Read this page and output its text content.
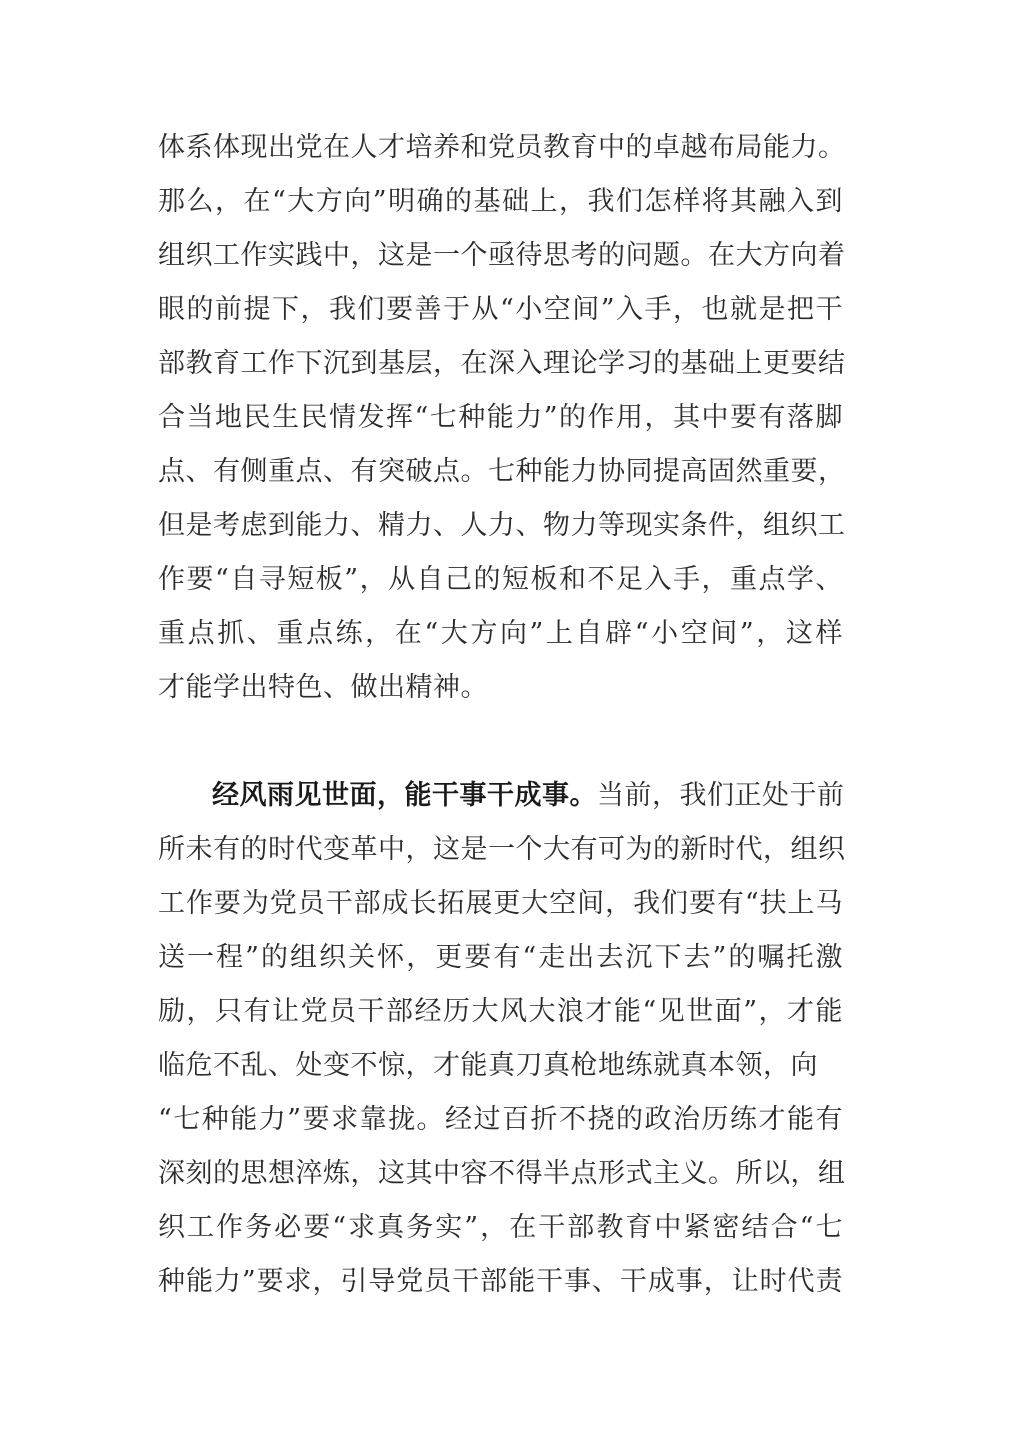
体系体现出党在人才培养和党员教育中的卓越布局能力。
那么，在“大方向”明确的基础上，我们怎样将其融入到
组织工作实践中，这是一个亟待思考的问题。在大方向着
眼的前提下，我们要善于从“小空间”入手，也就是把干
部教育工作下沉到基层，在深入理论学习的基础上更要结
合当地民生民情发挥“七种能力”的作用，其中要有落脚
点、有侧重点、有突破点。七种能力协同提高固然重要，
但是考虑到能力、精力、人力、物力等现实条件，组织工
作要“自寻短板”，从自己的短板和不足入手，重点学、
重点抓、重点练，在“大方向”上自辟“小空间”，这样
才能学出特色、做出精神。
经风雨见世面，能干事干成事。当前，我们正处于前
所未有的时代变革中，这是一个大有可为的新时代，组织
工作要为党员干部成长拓展更大空间，我们要有“扶上马
送一程”的组织关怀，更要有“走出去沉下去”的嘱托激
励，只有让党员干部经历大风大浪才能“见世面”，才能
临危不乱、处变不惊，才能真刀真枪地练就真本领，向
“七种能力”要求靠拢。经过百折不挠的政治历练才能有
深刻的思想淬炼，这其中容不得半点形式主义。所以，组
织工作务必要“求真务实”，在干部教育中紧密结合“七
种能力”要求，引导党员干部能干事、干成事，让时代责
